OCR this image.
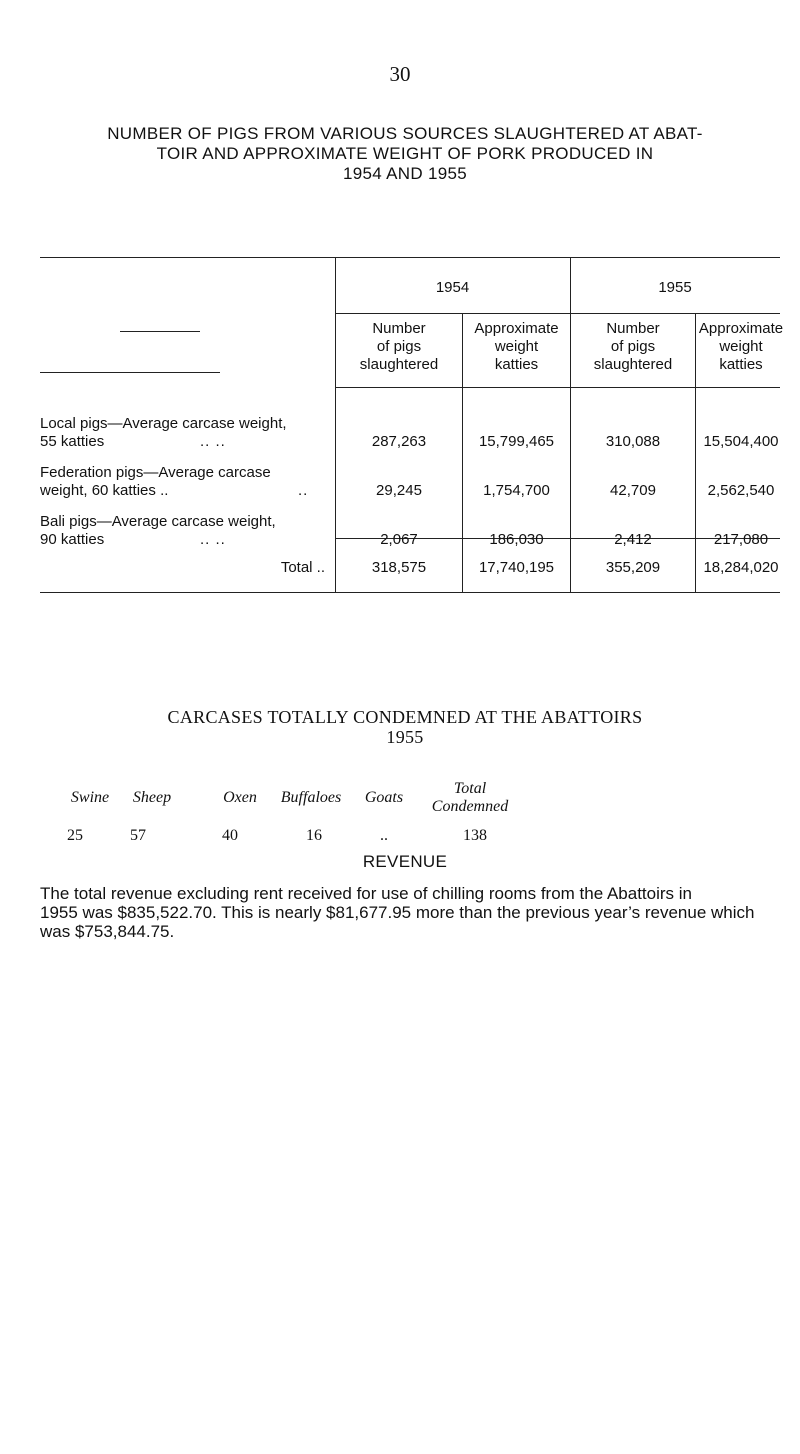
30
NUMBER OF PIGS FROM VARIOUS SOURCES SLAUGHTERED AT ABAT-
TOIR AND APPROXIMATE WEIGHT OF PORK PRODUCED IN
1954 AND 1955
1954	1955
Number
of pigs
slaughtered
Approximate
weight
katties
Number
of pigs
slaughtered
Approximate
weight
katties
Local pigs—Average carcase weight,
55 katties	.. ..	287,263	15,799,465	310,088	15,504,400
Federation pigs—Average carcase
weight, 60 katties ..	..	29,245	1,754,700	42,709	2,562,540
Bali pigs—Average carcase weight,
90 katties	.. ..	2,067	186,030	2,412	217,080
Total ..	318,575	17,740,195	355,209	18,284,020
CARCASES TOTALLY CONDEMNED AT THE ABATTOIRS
1955
Swine	Sheep	Oxen	Buffaloes	Goats
Total
Condemned
25	57	40	16	..	138
REVENUE
The total revenue excluding rent received for use of chilling rooms from the Abattoirs in
1955 was $835,522.70. This is nearly $81,677.95 more than the previous year’s revenue which
was $753,844.75.
